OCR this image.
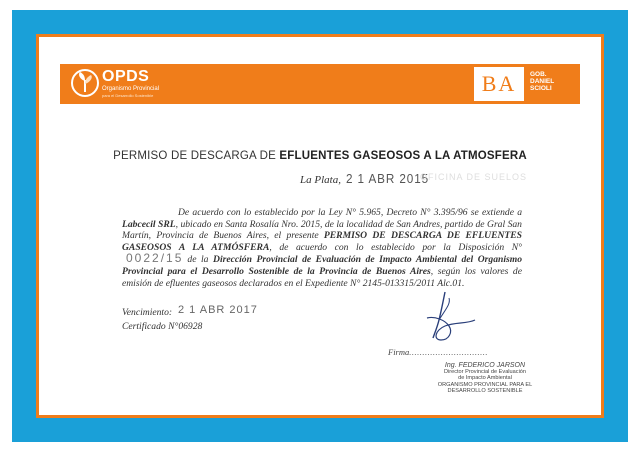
OPDS
Organismo Provincial
para el Desarrollo Sostenible	BA GOB.
DANIEL
SCIOLI
PERMISO DE DESCARGA DE EFLUENTES GASEOSOS A LA ATMOSFERA
La Plata, 2 1 ABR 2015
OFICINA DE SUELOS
De acuerdo con lo establecido por la Ley N° 5.965, Decreto N° 3.395/96 se extiende a Labcecil SRL, ubicado en Santa Rosalía Nro. 2015, de la localidad de San Andres, partido de Gral San Martín, Provincia de Buenos Aires, el presente PERMISO DE DESCARGA DE EFLUENTES GASEOSOS A LA ATMÓSFERA, de acuerdo con lo establecido por la Disposición N°0022/15 de la Dirección Provincial de Evaluación de Impacto Ambiental del Organismo Provincial para el Desarrollo Sostenible de la Provincia de Buenos Aires, según los valores de emisión de efluentes gaseosos declarados en el Expediente N° 2145-013315/2011 Alc.01.
Vencimiento: 2 1 ABR 2017
Certificado N°06928
Firma..............................
Ing. FEDERICO JARSON
Director Provincial de Evaluación
de Impacto Ambiental
ORGANISMO PROVINCIAL PARA EL
DESARROLLO SOSTENIBLE
